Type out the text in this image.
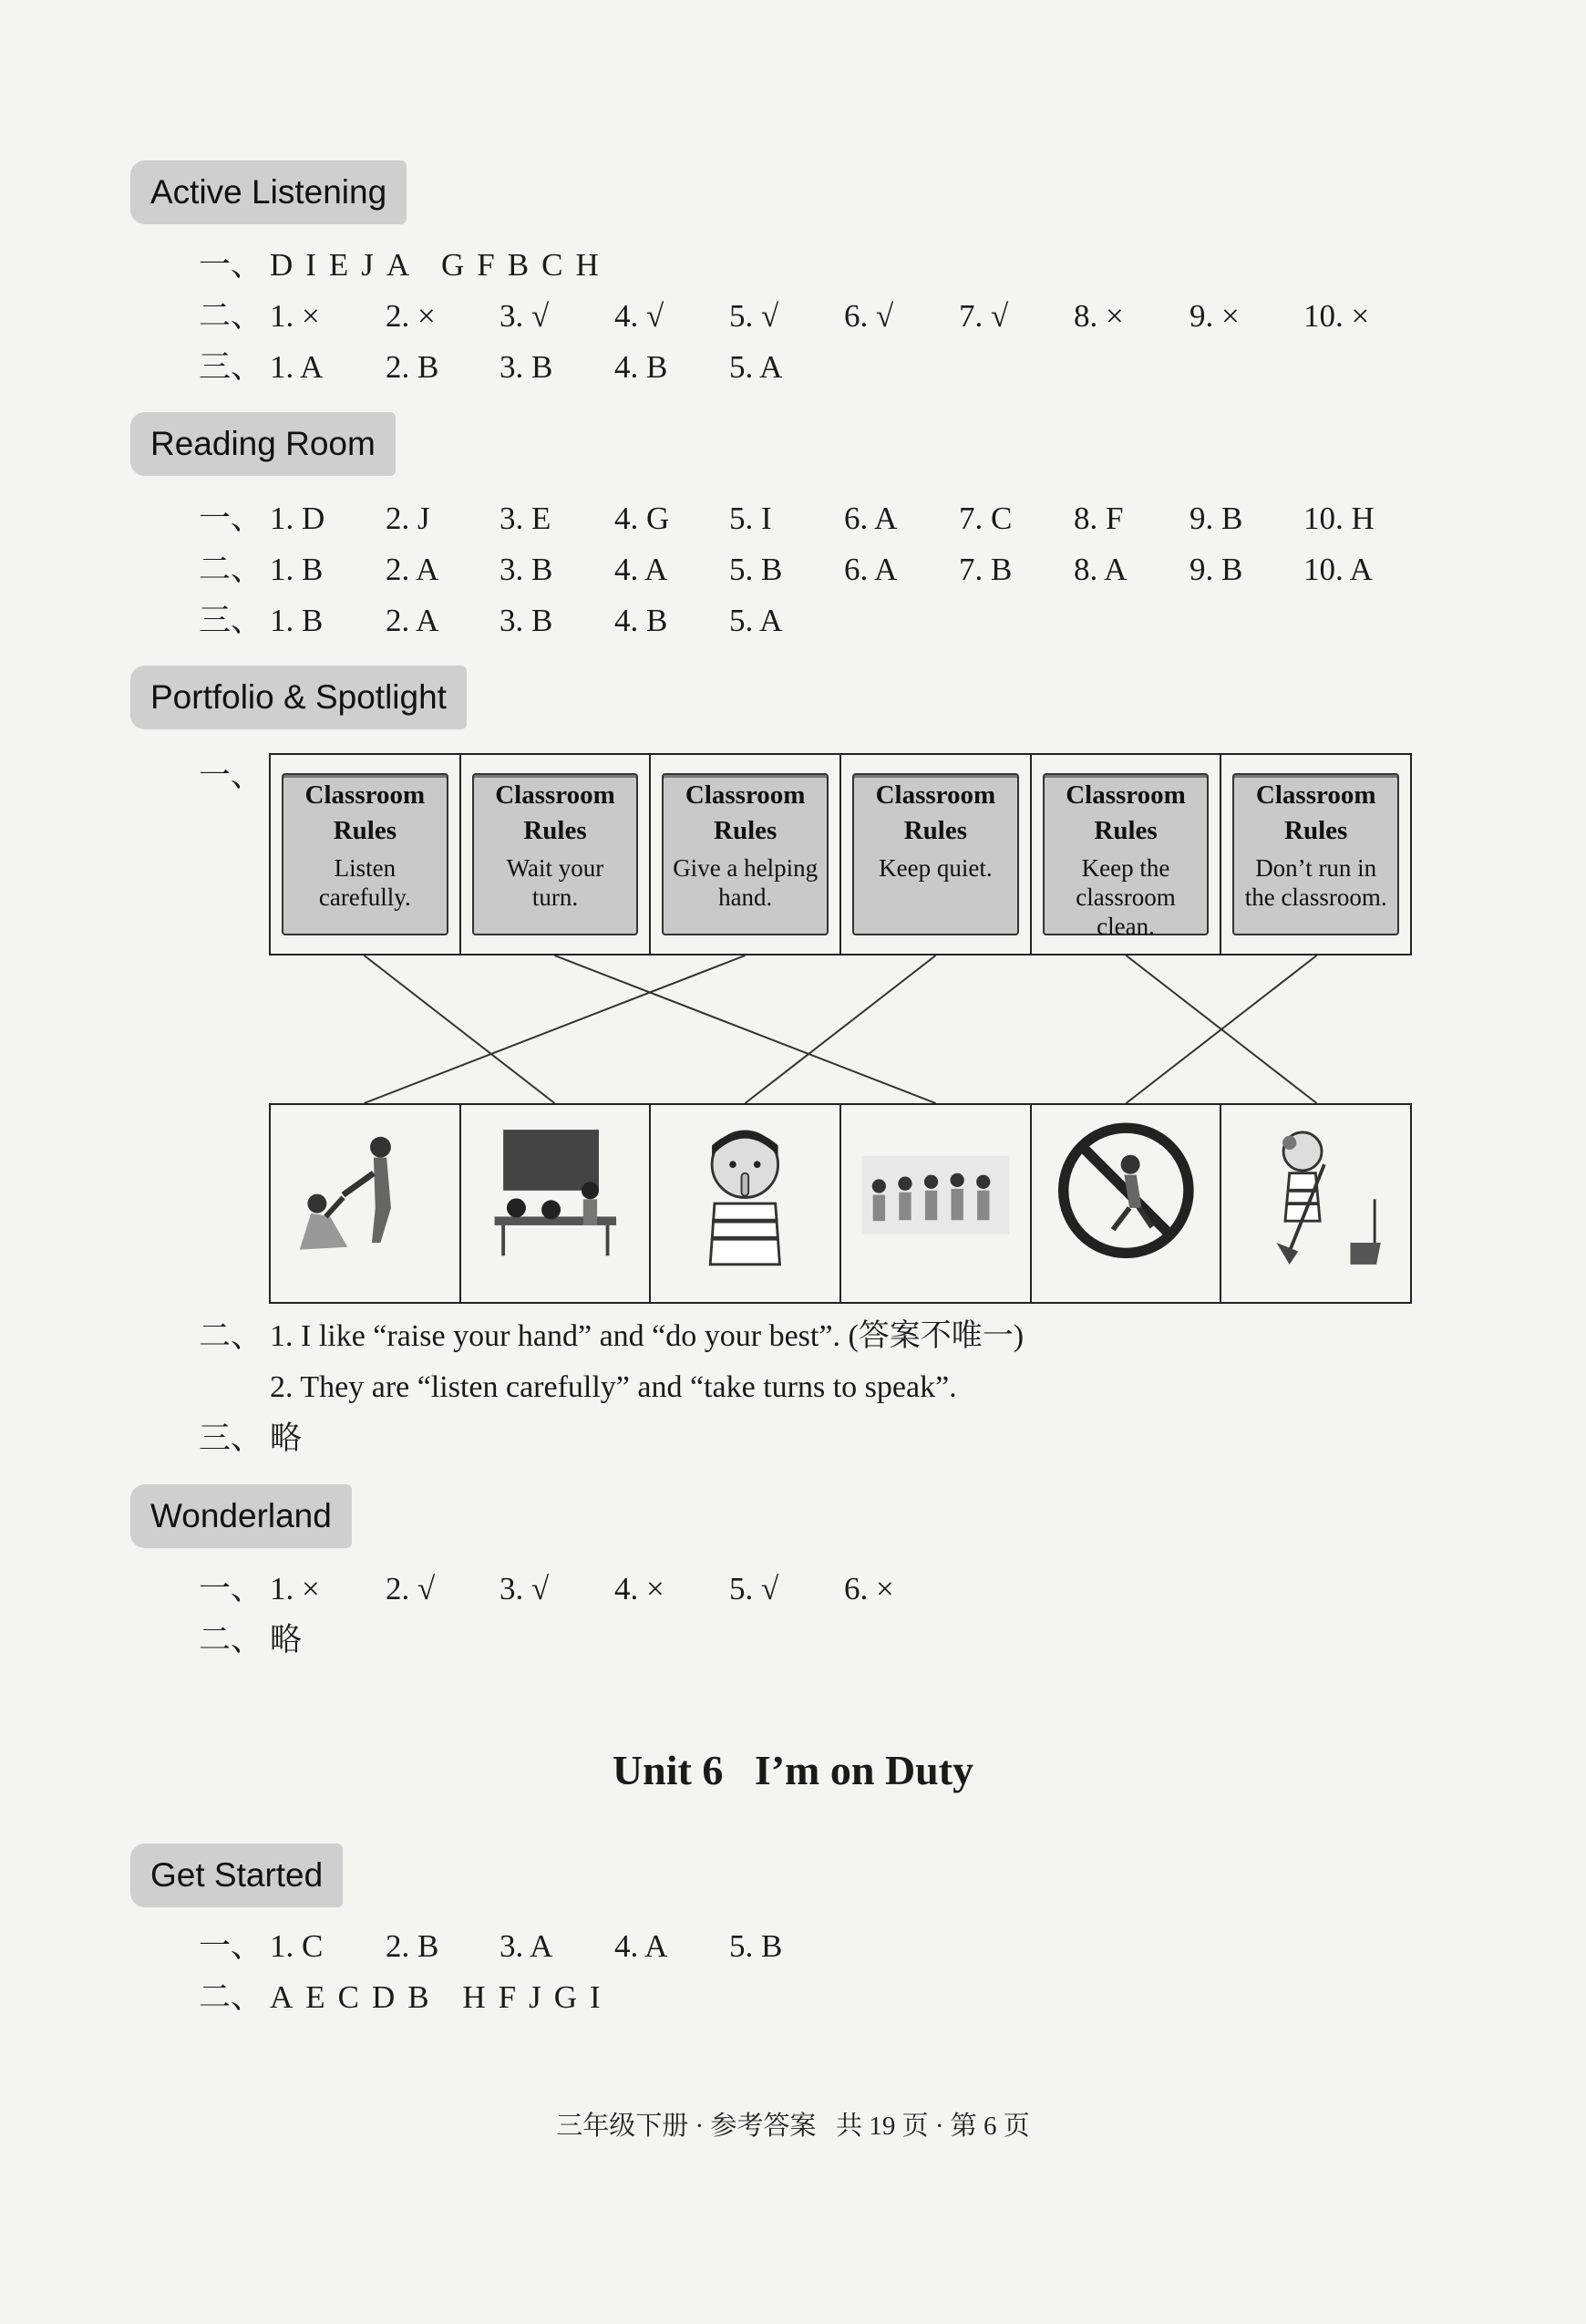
Active Listening
一、 DIEJA GFBCH
二、 1. × 2. × 3. √ 4. √ 5. √ 6. √ 7. √ 8. × 9. × 10. ×
三、 1. A 2. B 3. B 4. B 5. A
Reading Room
一、 1. D 2. J 3. E 4. G 5. I 6. A 7. C 8. F 9. B 10. H
二、 1. B 2. A 3. B 4. A 5. B 6. A 7. B 8. A 9. B 10. A
三、 1. B 2. A 3. B 4. B 5. A
Portfolio & Spotlight
一、
Classroom
Rules
Listen
carefully.
Classroom
Rules
Wait your
turn.
Classroom
Rules
Give a helping
hand.
Classroom
Rules
Keep quiet.
Classroom
Rules
Keep the
classroom
clean.
Classroom
Rules
Don’t run in
the classroom.
二、 1. I like “raise your hand” and “do your best”. (答案不唯一)
2. They are “listen carefully” and “take turns to speak”.
三、 略
Wonderland
一、 1. × 2. √ 3. √ 4. × 5. √ 6. ×
二、 略
Unit 6   I’m on Duty
Get Started
一、 1. C 2. B 3. A 4. A 5. B
二、 AECDB HFJGI
三年级下册 · 参考答案   共 19 页 · 第 6 页
